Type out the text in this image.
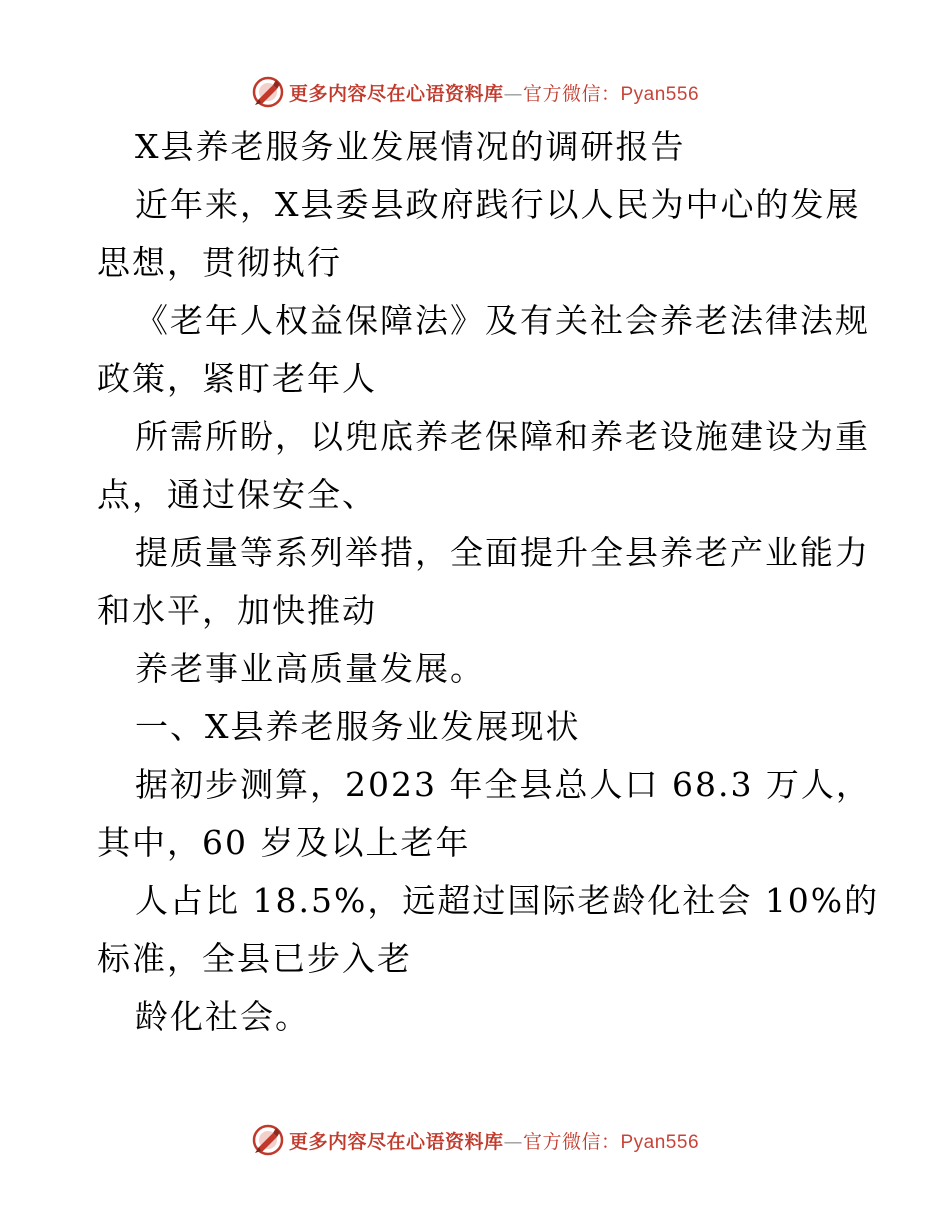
更多内容尽在心语资料库—官方微信：Pyan556
X县养老服务业发展情况的调研报告
近年来，X县委县政府践行以人民为中心的发展
思想，贯彻执行
《老年人权益保障法》及有关社会养老法律法规
政策，紧盯老年人
所需所盼，以兜底养老保障和养老设施建设为重
点，通过保安全、
提质量等系列举措，全面提升全县养老产业能力
和水平，加快推动
养老事业高质量发展。
一、X县养老服务业发展现状
据初步测算，2023 年全县总人口 68.3 万人，
其中，60 岁及以上老年
人占比 18.5%，远超过国际老龄化社会 10%的
标准，全县已步入老
龄化社会。
更多内容尽在心语资料库—官方微信：Pyan556
